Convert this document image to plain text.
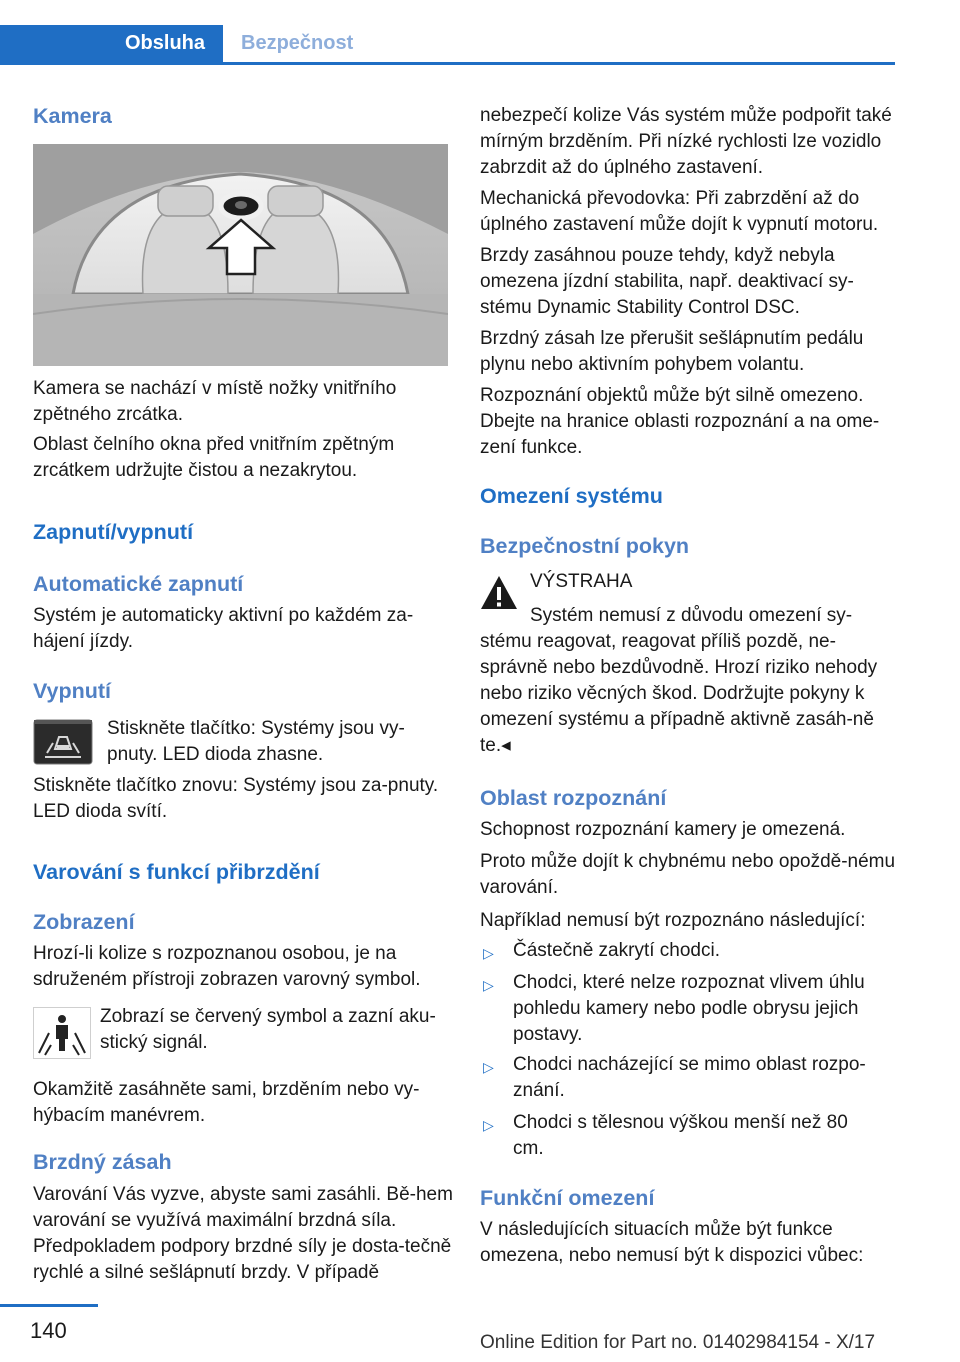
Obsluha	Bezpečnost
Kamera
Kamera se nachází v místě nožky vnitřního zpětného zrcátka.
Oblast čelního okna před vnitřním zpětným zrcátkem udržujte čistou a nezakrytou.
Zapnutí/vypnutí
Automatické zapnutí
Systém je automaticky aktivní po každém za-hájení jízdy.
Vypnutí
Stiskněte tlačítko: Systémy jsou vy-pnuty. LED dioda zhasne.
Stiskněte tlačítko znovu: Systémy jsou za-pnuty. LED dioda svítí.
Varování s funkcí přibrzdění
Zobrazení
Hrozí-li kolize s rozpoznanou osobou, je na sdruženém přístroji zobrazen varovný symbol.
Zobrazí se červený symbol a zazní aku-stický signál.
Okamžitě zasáhněte sami, brzděním nebo vy-hýbacím manévrem.
Brzdný zásah
Varování Vás vyzve, abyste sami zasáhli. Bě-hem varování se využívá maximální brzdná síla. Předpokladem podpory brzdné síly je dosta-tečně rychlé a silné sešlápnutí brzdy. V případě
nebezpečí kolize Vás systém může podpořit také mírným brzděním. Při nízké rychlosti lze vozidlo zabrzdit až do úplného zastavení.
Mechanická převodovka: Při zabrzdění až do úplného zastavení může dojít k vypnutí motoru.
Brzdy zasáhnou pouze tehdy, když nebyla omezena jízdní stabilita, např. deaktivací sy-stému Dynamic Stability Control DSC.
Brzdný zásah lze přerušit sešlápnutím pedálu plynu nebo aktivním pohybem volantu.
Rozpoznání objektů může být silně omezeno. Dbejte na hranice oblasti rozpoznání a na ome-zení funkce.
Omezení systému
Bezpečnostní pokyn
VÝSTRAHA
Systém nemusí z důvodu omezení sy-
stému reagovat, reagovat příliš pozdě, ne-správně nebo bezdůvodně. Hrozí riziko nehody nebo riziko věcných škod. Dodržujte pokyny k omezení systému a případně aktivně zasáh-ně​te.◂
Oblast rozpoznání
Schopnost rozpoznání kamery je omezená.
Proto může dojít k chybnému nebo opoždě-nému varování.
Například nemusí být rozpoznáno následující:
▷ Částečně zakrytí chodci.
▷ Chodci, které nelze rozpoznat vlivem úhlu pohledu kamery nebo podle obrysu jejich postavy.
▷ Chodci nacházející se mimo oblast rozpo-znání.
▷ Chodci s tělesnou výškou menší než 80 cm.
Funkční omezení
V následujících situacích může být funkce omezena, nebo nemusí být k dispozici vůbec:
140	Online Edition for Part no. 01402984154 - X/17
